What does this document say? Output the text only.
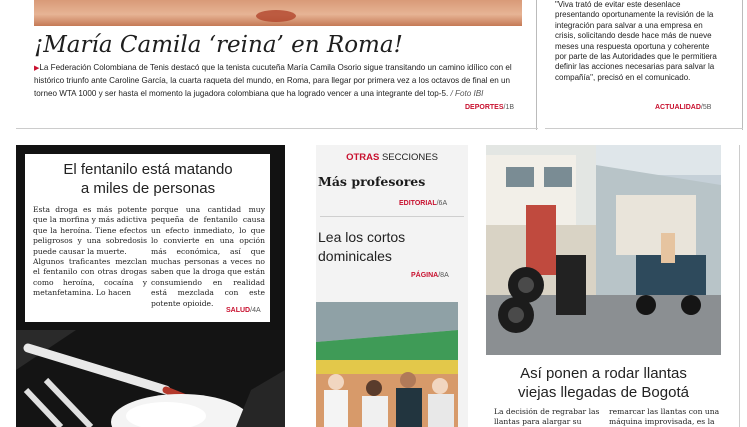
¡María Camila ‘reina’ en Roma!
▶La Federación Colombiana de Tenis destacó que la tenista cucuteña María Camila Osorio sigue transitando un camino idílico con el histórico triunfo ante Caroline García, la cuarta raqueta del mundo, en Roma, para llegar por primera vez a los octavos de final en un torneo WTA 1000 y ser hasta el momento la jugadora colombiana que ha logrado vencer a una integrante del top-5. / Foto IBI
DEPORTES/1B
"Viva trató de evitar este desenlace presentando oportunamente la revisión de la integración para salvar a una empresa en crisis, solicitando desde hace más de nueve meses una respuesta oportuna y coherente por parte de las Autoridades que le permitiera definir las acciones necesarias para salvar la compañía", precisó en el comunicado.
ACTUALIDAD/5B
El fentanilo está matando
a miles de personas
Esta droga es más potente que la morfina y más adictiva que la heroína. Tiene efectos peligrosos y una sobredosis puede causar la muerte.
Algunos traficantes mezclan el fentanilo con otras drogas como heroína, cocaína y metanfetamina. Lo hacen
porque una cantidad muy pequeña de fentanilo causa un efecto inmediato, lo que lo convierte en una opción más económica, así que muchas personas a veces no saben que la droga que están consumiendo en realidad está mezclada con este potente opioide.
SALUD/4A
OTRAS SECCIONES
Más profesores
EDITORIAL/6A
Lea los cortos
dominicales
PÁGINA/8A
Así ponen a rodar llantas
viejas llegadas de Bogotá
La decisión de regrabar las llantas para alargar su
remarcar las llantas con una máquina improvisada, es la
